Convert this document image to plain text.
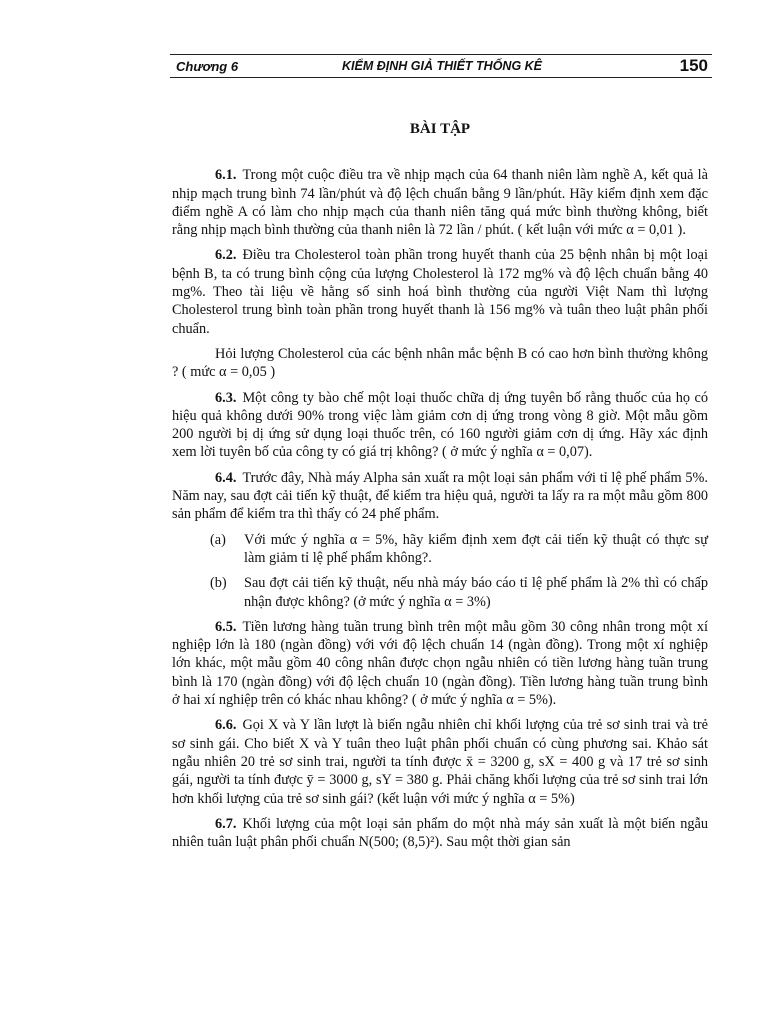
Chương 6	KIỂM ĐỊNH GIẢ THIẾT THỐNG KÊ	150
BÀI TẬP

6.1. Trong một cuộc điều tra về nhịp mạch của 64 thanh niên làm nghề A, kết quả là nhịp mạch trung bình 74 lần/phút và độ lệch chuẩn bằng 9 lần/phút. Hãy kiểm định xem đặc điểm nghề A có làm cho nhịp mạch của thanh niên tăng quá mức bình thường không, biết rằng nhịp mạch bình thường của thanh niên là 72 lần / phút. ( kết luận với mức α = 0,01 ).

6.2. Điều tra Cholesterol toàn phần trong huyết thanh của 25 bệnh nhân bị một loại bệnh B, ta có trung bình cộng của lượng Cholesterol là 172 mg% và độ lệch chuẩn bằng 40 mg%. Theo tài liệu về hằng số sinh hoá bình thường của người Việt Nam thì lượng Cholesterol trung bình toàn phần trong huyết thanh là 156 mg% và tuân theo luật phân phối chuẩn.

Hỏi lượng Cholesterol của các bệnh nhân mắc bệnh B có cao hơn bình thường không ? ( mức α = 0,05 )

6.3. Một công ty bào chế một loại thuốc chữa dị ứng tuyên bố rằng thuốc của họ có hiệu quả không dưới 90% trong việc làm giảm cơn dị ứng trong vòng 8 giờ. Một mẫu gồm 200 người bị dị ứng sử dụng loại thuốc trên, có 160 người giảm cơn dị ứng. Hãy xác định xem lời tuyên bố của công ty có giá trị không? ( ở mức ý nghĩa α = 0,07).

6.4. Trước đây, Nhà máy Alpha sản xuất ra một loại sản phẩm với tỉ lệ phế phẩm 5%. Năm nay, sau đợt cải tiến kỹ thuật, để kiểm tra hiệu quả, người ta lấy ra ra một mẫu gồm 800 sản phẩm để kiểm tra thì thấy có 24 phế phẩm.

(a)	Với mức ý nghĩa α = 5%, hãy kiểm định xem đợt cải tiến kỹ thuật có thực sự làm giảm tỉ lệ phế phẩm không?.
(b)	Sau đợt cải tiến kỹ thuật, nếu nhà máy báo cáo tỉ lệ phế phẩm là 2% thì có chấp nhận được không? (ở mức ý nghĩa α = 3%)

6.5. Tiền lương hàng tuần trung bình trên một mẫu gồm 30 công nhân trong một xí nghiệp lớn là 180 (ngàn đồng) với với độ lệch chuẩn 14 (ngàn đồng). Trong một xí nghiệp lớn khác, một mẫu gồm 40 công nhân được chọn ngẫu nhiên có tiền lương hàng tuần trung bình là 170 (ngàn đồng) với độ lệch chuẩn 10 (ngàn đồng). Tiền lương hàng tuần trung bình ở hai xí nghiệp trên có khác nhau không? ( ở mức ý nghĩa α = 5%).

6.6. Gọi X và Y lần lượt là biến ngẫu nhiên chỉ khối lượng của trẻ sơ sinh trai và trẻ sơ sinh gái. Cho biết X và Y tuân theo luật phân phối chuẩn có cùng phương sai. Khảo sát ngẫu nhiên 20 trẻ sơ sinh trai, người ta tính được x̄ = 3200 g, sX = 400 g và 17 trẻ sơ sinh gái, người ta tính được ȳ = 3000 g, sY = 380 g. Phải chăng khối lượng của trẻ sơ sinh trai lớn hơn khối lượng của trẻ sơ sinh gái? (kết luận với mức ý nghĩa α = 5%)

6.7. Khối lượng của một loại sản phẩm do một nhà máy sản xuất là một biến ngẫu nhiên tuân luật phân phối chuẩn N(500; (8,5)²). Sau một thời gian sản
